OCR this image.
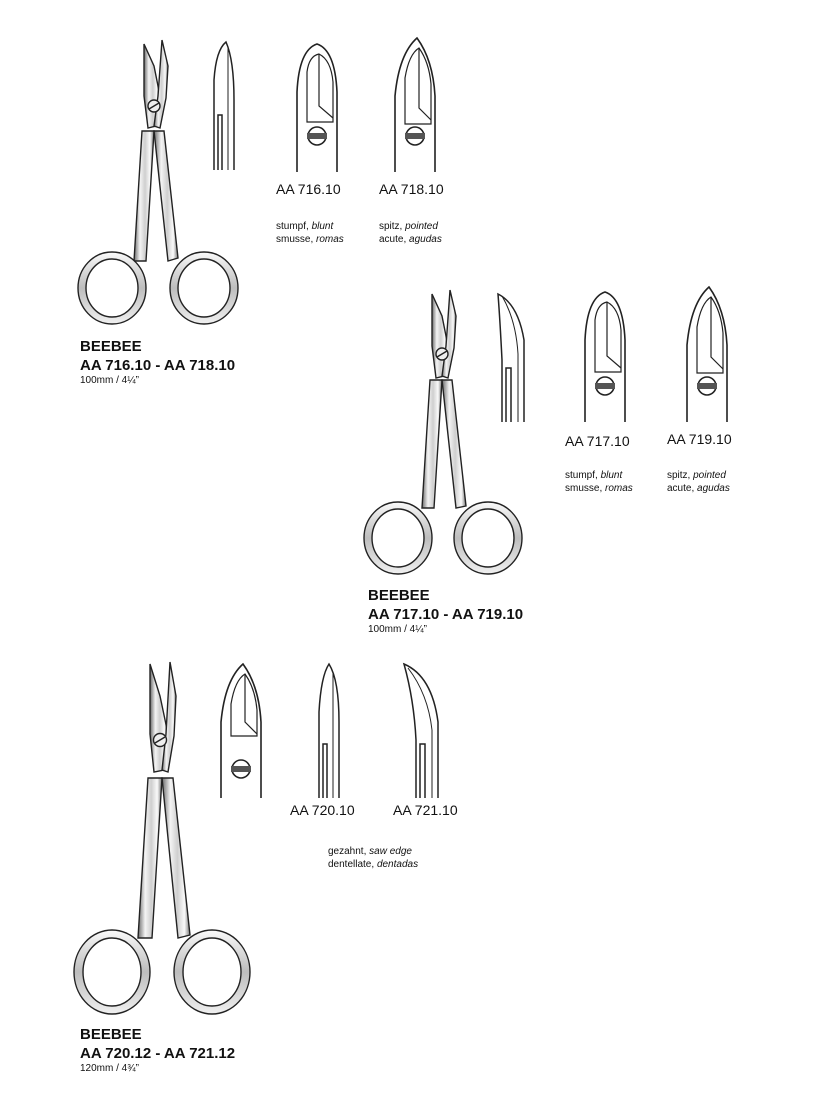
AA 716.10	AA 718.10
stumpf, blunt
smusse, romas
spitz, pointed
acute, agudas
BEEBEE
AA 716.10 - AA 718.10
100mm / 4¼”
AA 717.10	AA 719.10
stumpf, blunt
smusse, romas
spitz, pointed
acute, agudas
BEEBEE
AA 717.10 - AA 719.10
100mm / 4¼”
AA 720.10	AA 721.10
gezahnt, saw edge
dentellate, dentadas
BEEBEE
AA 720.12 - AA 721.12
120mm / 4¾”
